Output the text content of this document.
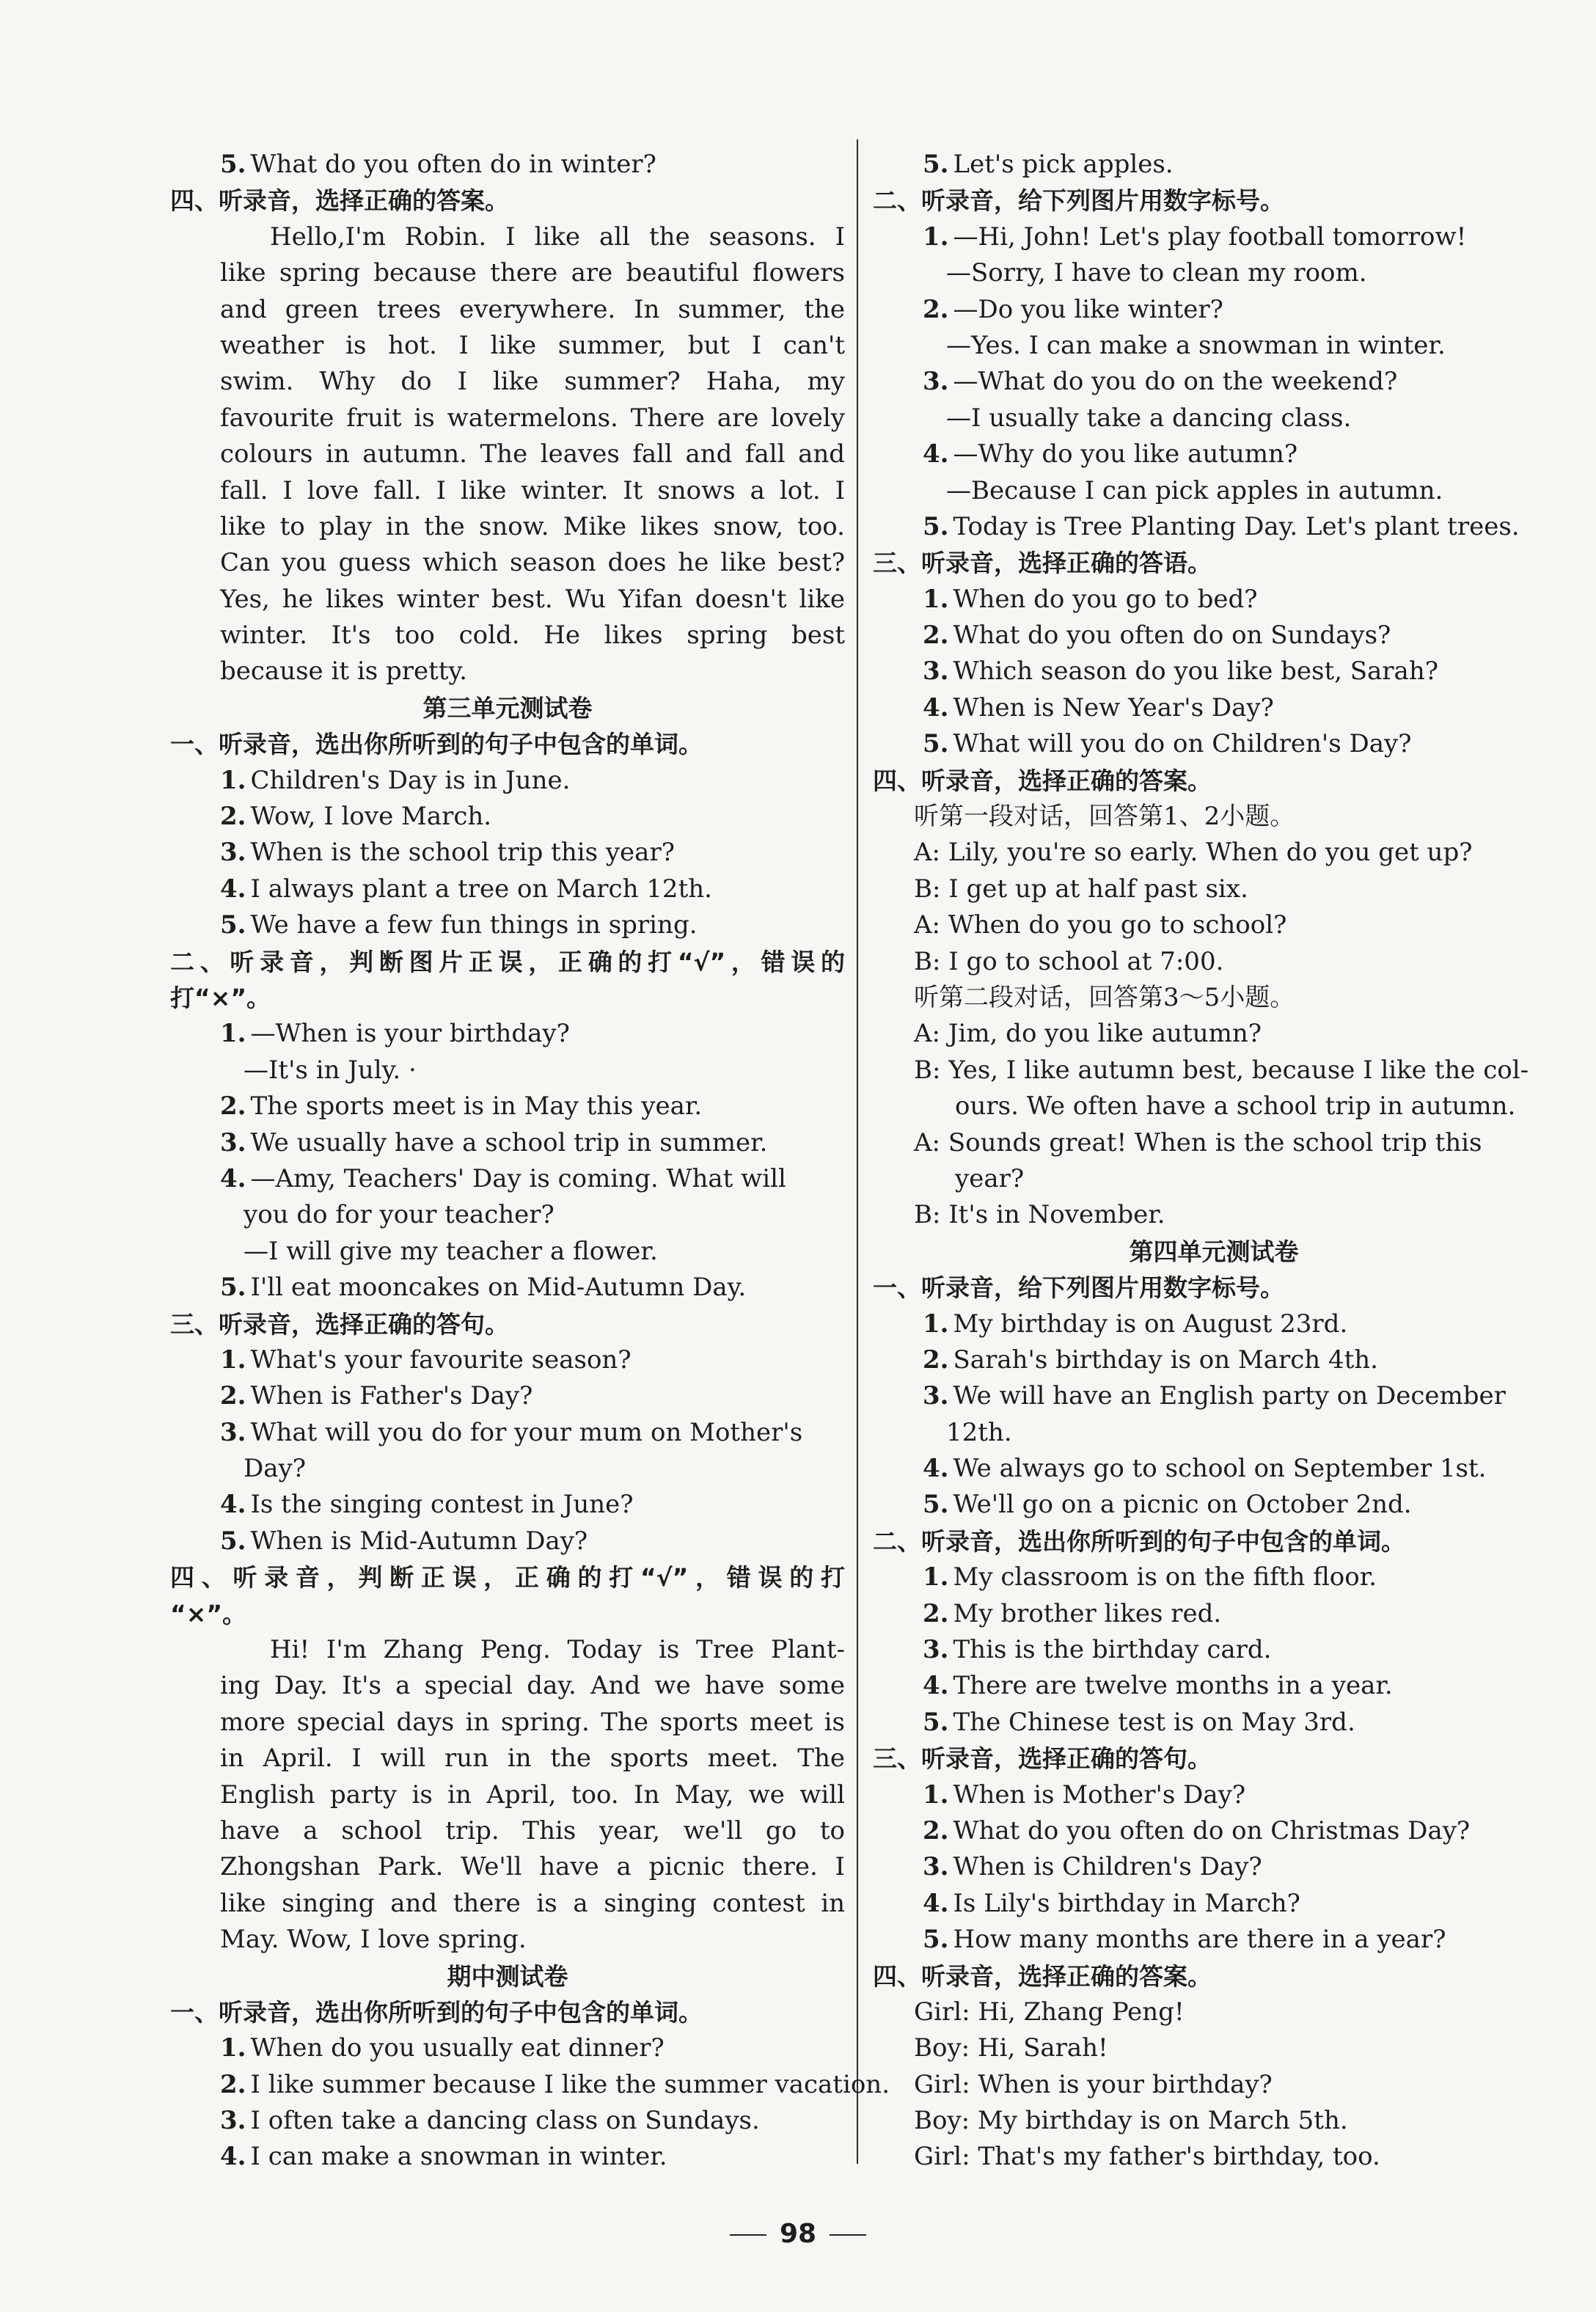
5. What do you often do in winter?
四、听录音，选择正确的答案。
Hello,I'm Robin. I like all the seasons. I
like spring because there are beautiful flowers
and green trees everywhere. In summer, the
weather is hot. I like summer, but I can't
swim. Why do I like summer? Haha, my
favourite fruit is watermelons. There are lovely
colours in autumn. The leaves fall and fall and
fall. I love fall. I like winter. It snows a lot. I
like to play in the snow. Mike likes snow, too.
Can you guess which season does he like best?
Yes, he likes winter best. Wu Yifan doesn't like
winter. It's too cold. He likes spring best
because it is pretty.
第三单元测试卷
一、听录音，选出你所听到的句子中包含的单词。
1. Children's Day is in June.
2. Wow, I love March.
3. When is the school trip this year?
4. I always plant a tree on March 12th.
5. We have a few fun things in spring.
二、听录音，判断图片正误，正确的打“√”，错误的
打“×”。
1. —When is your birthday?
—It's in July. ·
2. The sports meet is in May this year.
3. We usually have a school trip in summer.
4. —Amy, Teachers' Day is coming. What will
you do for your teacher?
—I will give my teacher a flower.
5. I'll eat mooncakes on Mid-Autumn Day.
三、听录音，选择正确的答句。
1. What's your favourite season?
2. When is Father's Day?
3. What will you do for your mum on Mother's
Day?
4. Is the singing contest in June?
5. When is Mid-Autumn Day?
四、听录音，判断正误，正确的打“√”，错误的打
“×”。
Hi! I'm Zhang Peng. Today is Tree Plant-
ing Day. It's a special day. And we have some
more special days in spring. The sports meet is
in April. I will run in the sports meet. The
English party is in April, too. In May, we will
have a school trip. This year, we'll go to
Zhongshan Park. We'll have a picnic there. I
like singing and there is a singing contest in
May. Wow, I love spring.
期中测试卷
一、听录音，选出你所听到的句子中包含的单词。
1. When do you usually eat dinner?
2. I like summer because I like the summer vacation.
3. I often take a dancing class on Sundays.
4. I can make a snowman in winter.
5. Let's pick apples.
二、听录音，给下列图片用数字标号。
1. —Hi, John! Let's play football tomorrow!
—Sorry, I have to clean my room.
2. —Do you like winter?
—Yes. I can make a snowman in winter.
3. —What do you do on the weekend?
—I usually take a dancing class.
4. —Why do you like autumn?
—Because I can pick apples in autumn.
5. Today is Tree Planting Day. Let's plant trees.
三、听录音，选择正确的答语。
1. When do you go to bed?
2. What do you often do on Sundays?
3. Which season do you like best, Sarah?
4. When is New Year's Day?
5. What will you do on Children's Day?
四、听录音，选择正确的答案。
听第一段对话，回答第1、2小题。
A: Lily, you're so early. When do you get up?
B: I get up at half past six.
A: When do you go to school?
B: I go to school at 7:00.
听第二段对话，回答第3～5小题。
A: Jim, do you like autumn?
B: Yes, I like autumn best, because I like the col-
ours. We often have a school trip in autumn.
A: Sounds great! When is the school trip this
year?
B: It's in November.
第四单元测试卷
一、听录音，给下列图片用数字标号。
1. My birthday is on August 23rd.
2. Sarah's birthday is on March 4th.
3. We will have an English party on December
12th.
4. We always go to school on September 1st.
5. We'll go on a picnic on October 2nd.
二、听录音，选出你所听到的句子中包含的单词。
1. My classroom is on the fifth floor.
2. My brother likes red.
3. This is the birthday card.
4. There are twelve months in a year.
5. The Chinese test is on May 3rd.
三、听录音，选择正确的答句。
1. When is Mother's Day?
2. What do you often do on Christmas Day?
3. When is Children's Day?
4. Is Lily's birthday in March?
5. How many months are there in a year?
四、听录音，选择正确的答案。
Girl: Hi, Zhang Peng!
Boy: Hi, Sarah!
Girl: When is your birthday?
Boy: My birthday is on March 5th.
Girl: That's my father's birthday, too.
98
